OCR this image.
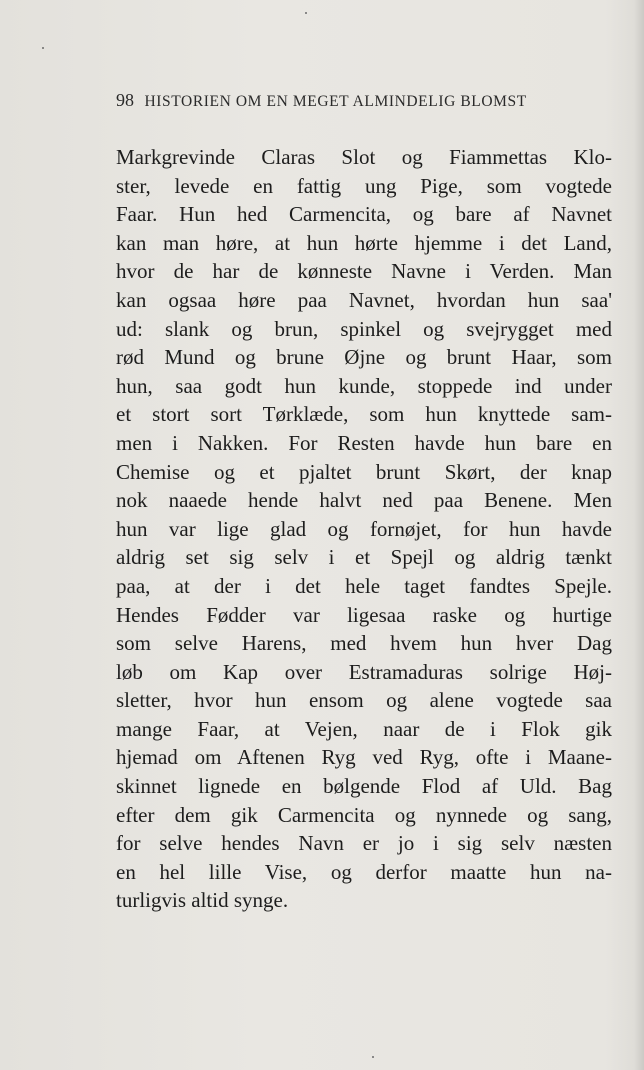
98 HISTORIEN OM EN MEGET ALMINDELIG BLOMST
Markgrevinde Claras Slot og Fiammettas Klo-
ster, levede en fattig ung Pige, som vogtede
Faar. Hun hed Carmencita, og bare af Navnet
kan man høre, at hun hørte hjemme i det Land,
hvor de har de kønneste Navne i Verden. Man
kan ogsaa høre paa Navnet, hvordan hun saa'
ud: slank og brun, spinkel og svejrygget med
rød Mund og brune Øjne og brunt Haar, som
hun, saa godt hun kunde, stoppede ind under
et stort sort Tørklæde, som hun knyttede sam-
men i Nakken. For Resten havde hun bare en
Chemise og et pjaltet brunt Skørt, der knap
nok naaede hende halvt ned paa Benene. Men
hun var lige glad og fornøjet, for hun havde
aldrig set sig selv i et Spejl og aldrig tænkt
paa, at der i det hele taget fandtes Spejle.
Hendes Fødder var ligesaa raske og hurtige
som selve Harens, med hvem hun hver Dag
løb om Kap over Estramaduras solrige Høj-
sletter, hvor hun ensom og alene vogtede saa
mange Faar, at Vejen, naar de i Flok gik
hjemad om Aftenen Ryg ved Ryg, ofte i Maane-
skinnet lignede en bølgende Flod af Uld. Bag
efter dem gik Carmencita og nynnede og sang,
for selve hendes Navn er jo i sig selv næsten
en hel lille Vise, og derfor maatte hun na-
turligvis altid synge.
